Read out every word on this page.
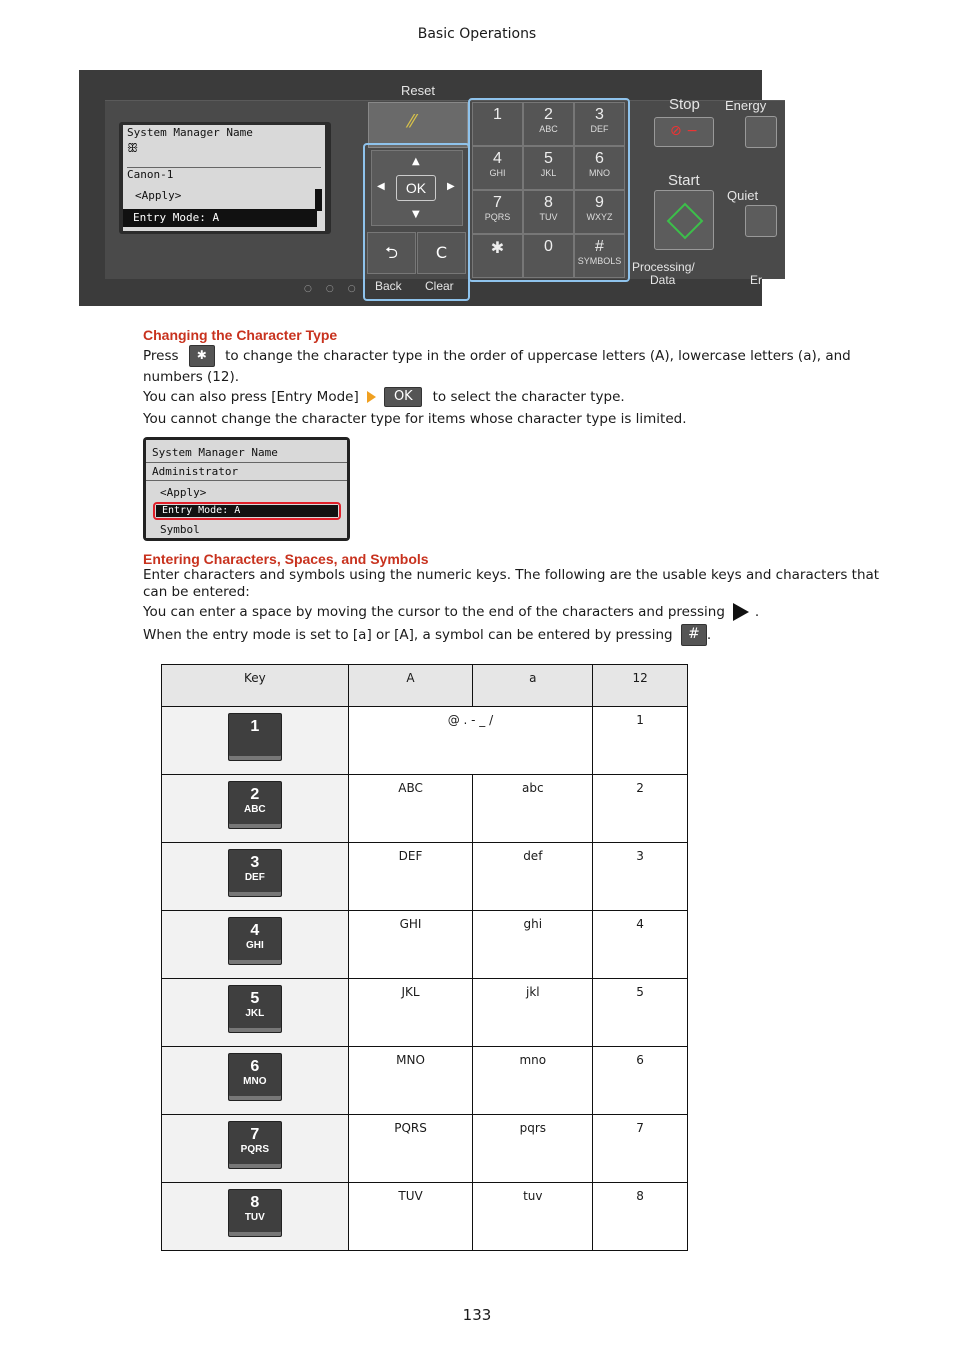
Basic Operations
System Manager Name
ꕥ
Canon-1
<Apply>
Entry Mode: A
○○○
Reset
⁄⁄	1	2
ABC
3
DEF
4
GHI
5
JKL
6
MNO
7
PQRS
8
TUV
9
WXYZ
✱	0	#
SYMBOLS
▲
▼
◀	▶
OK
⮌	C
Back Clear
Stop
⊘ −
Energy
Start
Quiet
Processing/
Data	Er
Changing the Character Type
Press ✱ to change the character type in the order of uppercase letters (A), lowercase letters (a), and numbers (12).
You can also press [Entry Mode]	OK to select the character type.
You cannot change the character type for items whose character type is limited.
System Manager Name
Administrator
<Apply>
Entry Mode: A
Symbol
Entering Characters, Spaces, and Symbols
Enter characters and symbols using the numeric keys. The following are the usable keys and characters that can be entered:
You can enter a space by moving the cursor to the end of the characters and pressing .
When the entry mode is set to [a] or [A], a symbol can be entered by pressing # .
Key	A	a	12

1	@ . - _ /		1

2
ABC	ABC	abc	2

3
DEF	DEF	def	3

4
GHI	GHI	ghi	4

5
JKL	JKL	jkl	5

6
MNO	MNO	mno	6

7
PQRS	PQRS	pqrs	7

8
TUV	TUV	tuv	8
133
